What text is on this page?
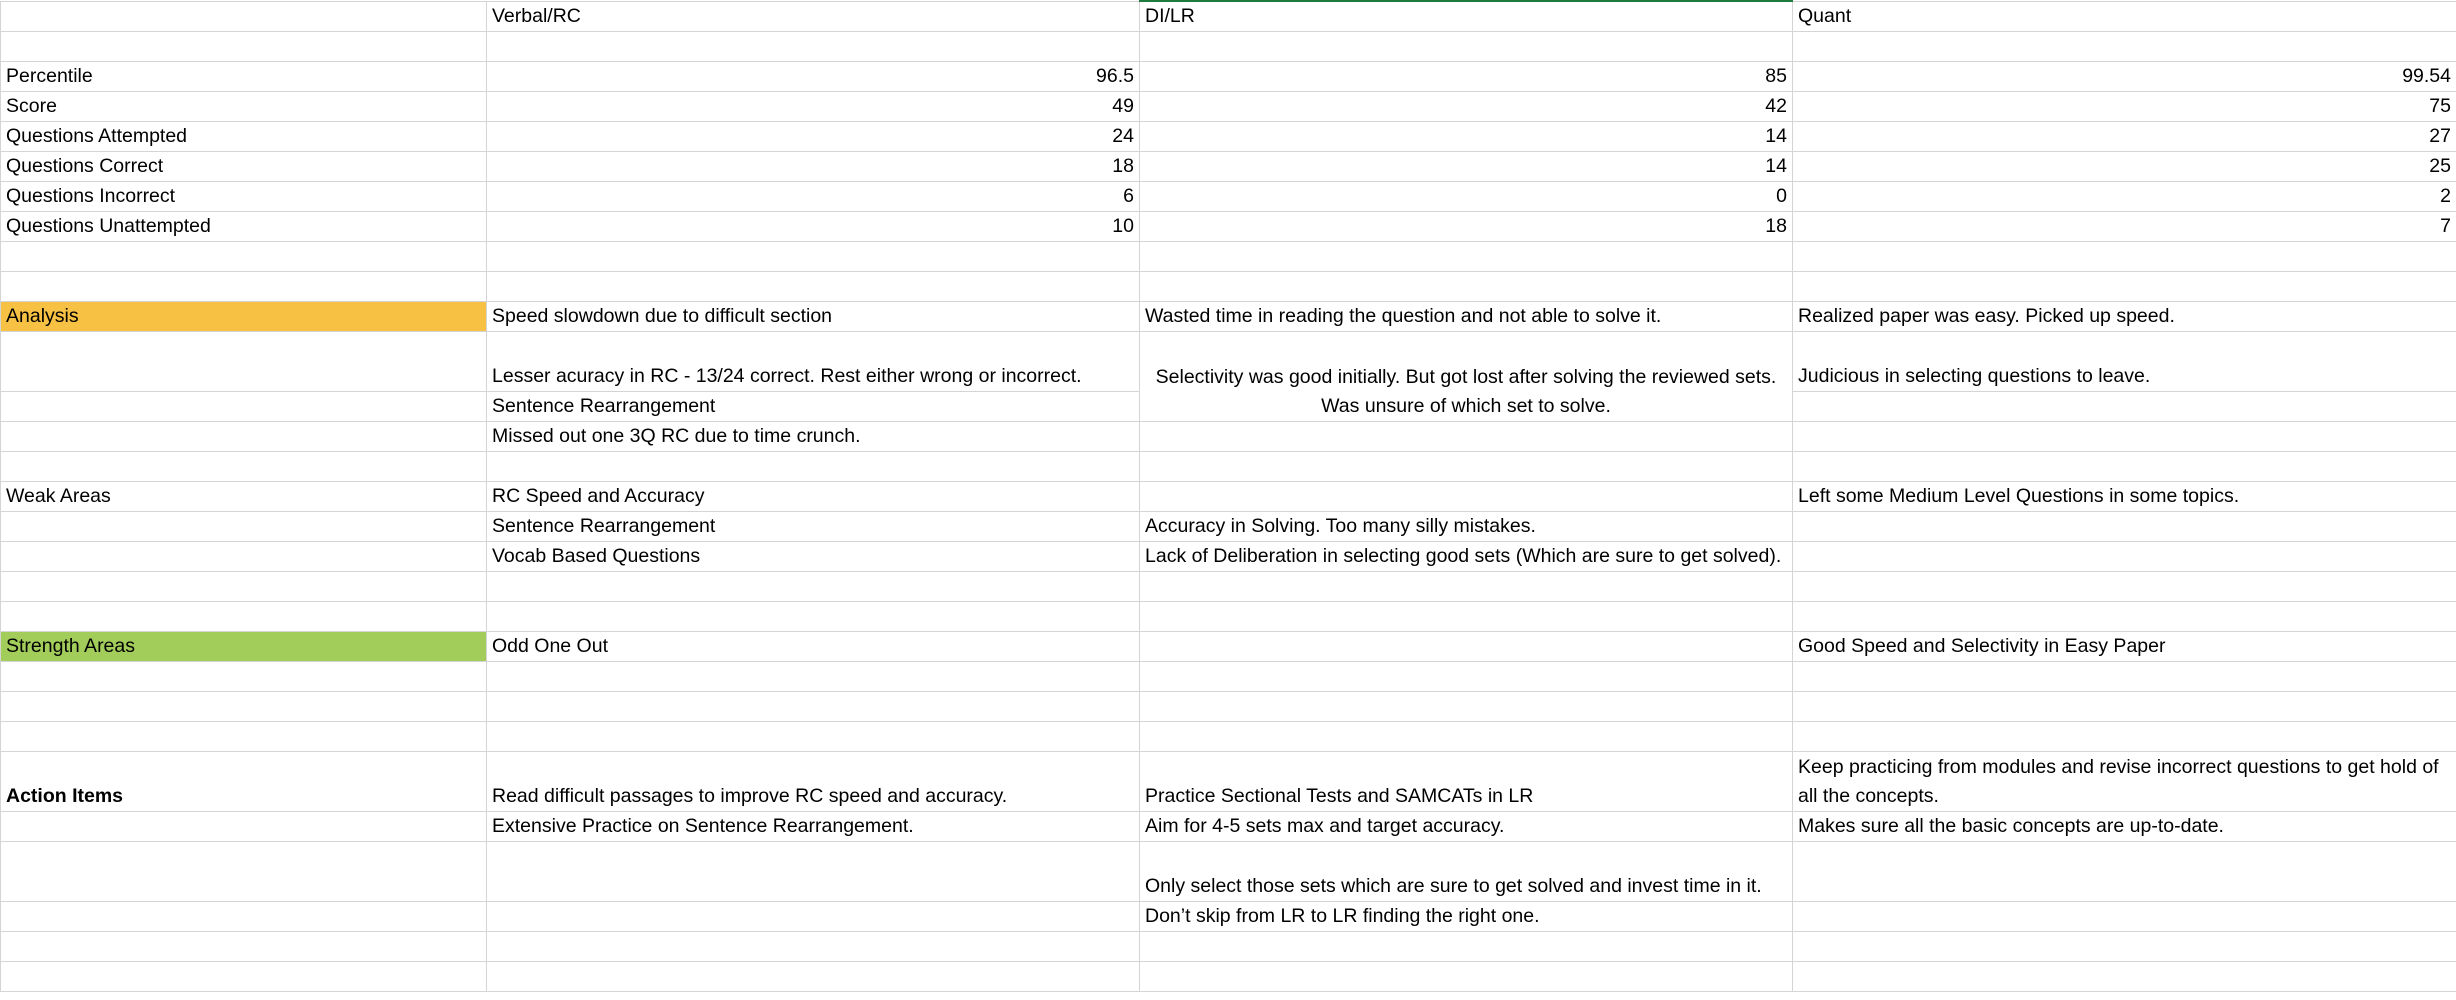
	Verbal/RC	DI/LR	Quant

Percentile	96.5	85	99.54
Score	49	42	75
Questions Attempted	24	14	27
Questions Correct	18	14	25
Questions Incorrect	6	0	2
Questions Unattempted	10	18	7

Analysis	Speed slowdown due to difficult section	Wasted time in reading the question and not able to solve it.	Realized paper was easy. Picked up speed.
	Lesser acuracy in RC - 13/24 correct. Rest either wrong or incorrect.	Selectivity was good initially. But got lost after solving the reviewed sets. Was unsure of which set to solve.	Judicious in selecting questions to leave.
	Sentence Rearrangement		
	Missed out one 3Q RC due to time crunch.		

Weak Areas	RC Speed and Accuracy		Left some Medium Level Questions in some topics.
	Sentence Rearrangement	Accuracy in Solving. Too many silly mistakes.	
	Vocab Based Questions	Lack of Deliberation in selecting good sets (Which are sure to get solved).	

Strength Areas	Odd One Out		Good Speed and Selectivity in Easy Paper

Action Items	Read difficult passages to improve RC speed and accuracy.	Practice Sectional Tests and SAMCATs in LR	Keep practicing from modules and revise incorrect questions to get hold of all the concepts.
	Extensive Practice on Sentence Rearrangement.	Aim for 4-5 sets max and target accuracy.	Makes sure all the basic concepts are up-to-date.
		Only select those sets which are sure to get solved and invest time in it.	
		Don’t skip from LR to LR finding the right one.	
